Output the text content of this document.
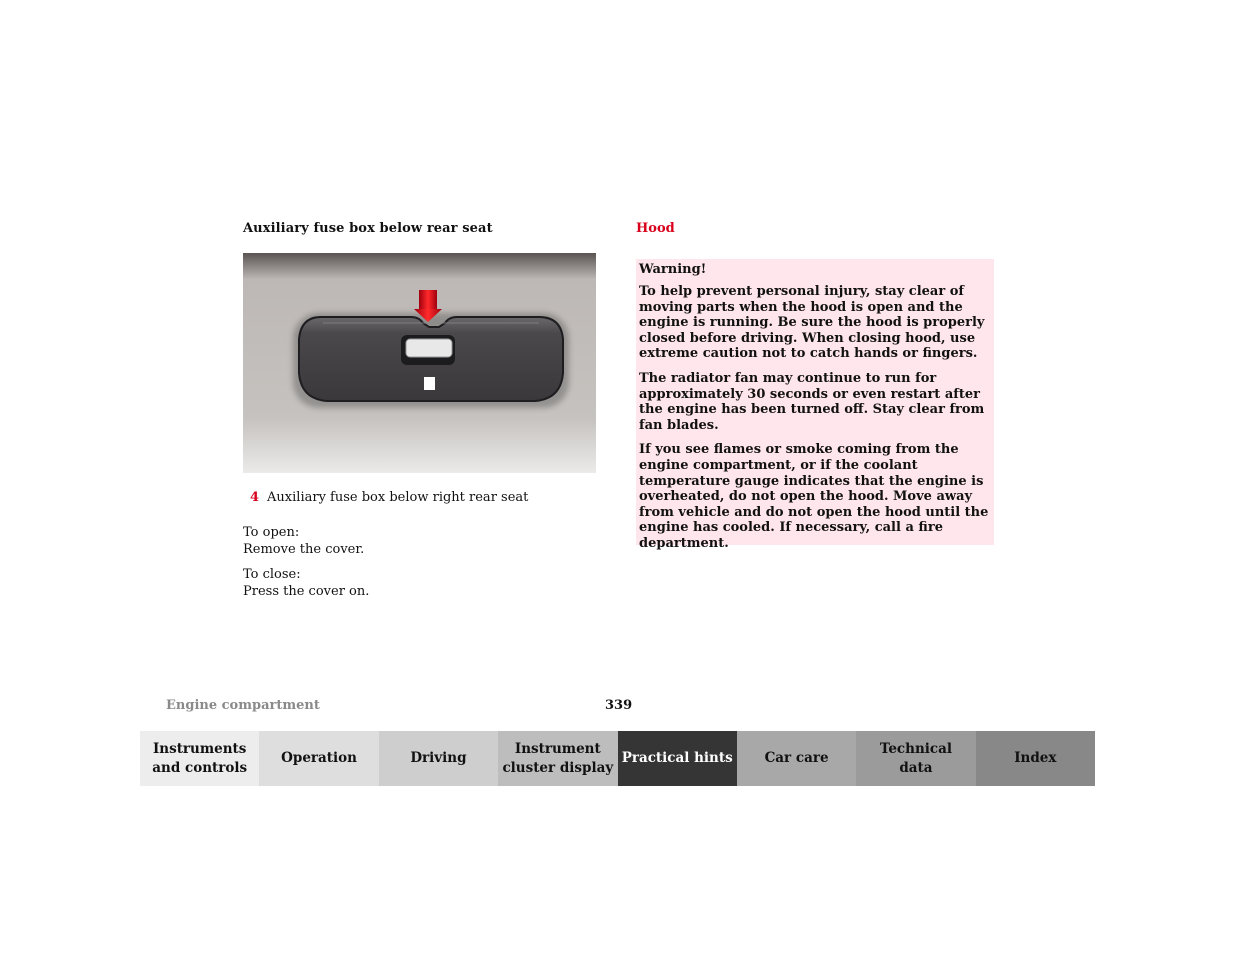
Auxiliary fuse box below rear seat
4 Auxiliary fuse box below right rear seat
To open:
Remove the cover.
To close:
Press the cover on.
Hood
Warning!

To help prevent personal injury, stay clear of moving parts when the hood is open and the engine is running. Be sure the hood is properly closed before driving. When closing hood, use extreme caution not to catch hands or fingers.

The radiator fan may continue to run for approximately 30 seconds or even restart after the engine has been turned off. Stay clear from fan blades.

If you see flames or smoke coming from the engine compartment, or if the coolant temperature gauge indicates that the engine is overheated, do not open the hood. Move away from vehicle and do not open the hood until the engine has cooled. If necessary, call a fire department.

Engine compartment	339
Instruments
and controls
Operation	Driving
Instrument
cluster display
Practical hints	Car care
Technical
data
Index
